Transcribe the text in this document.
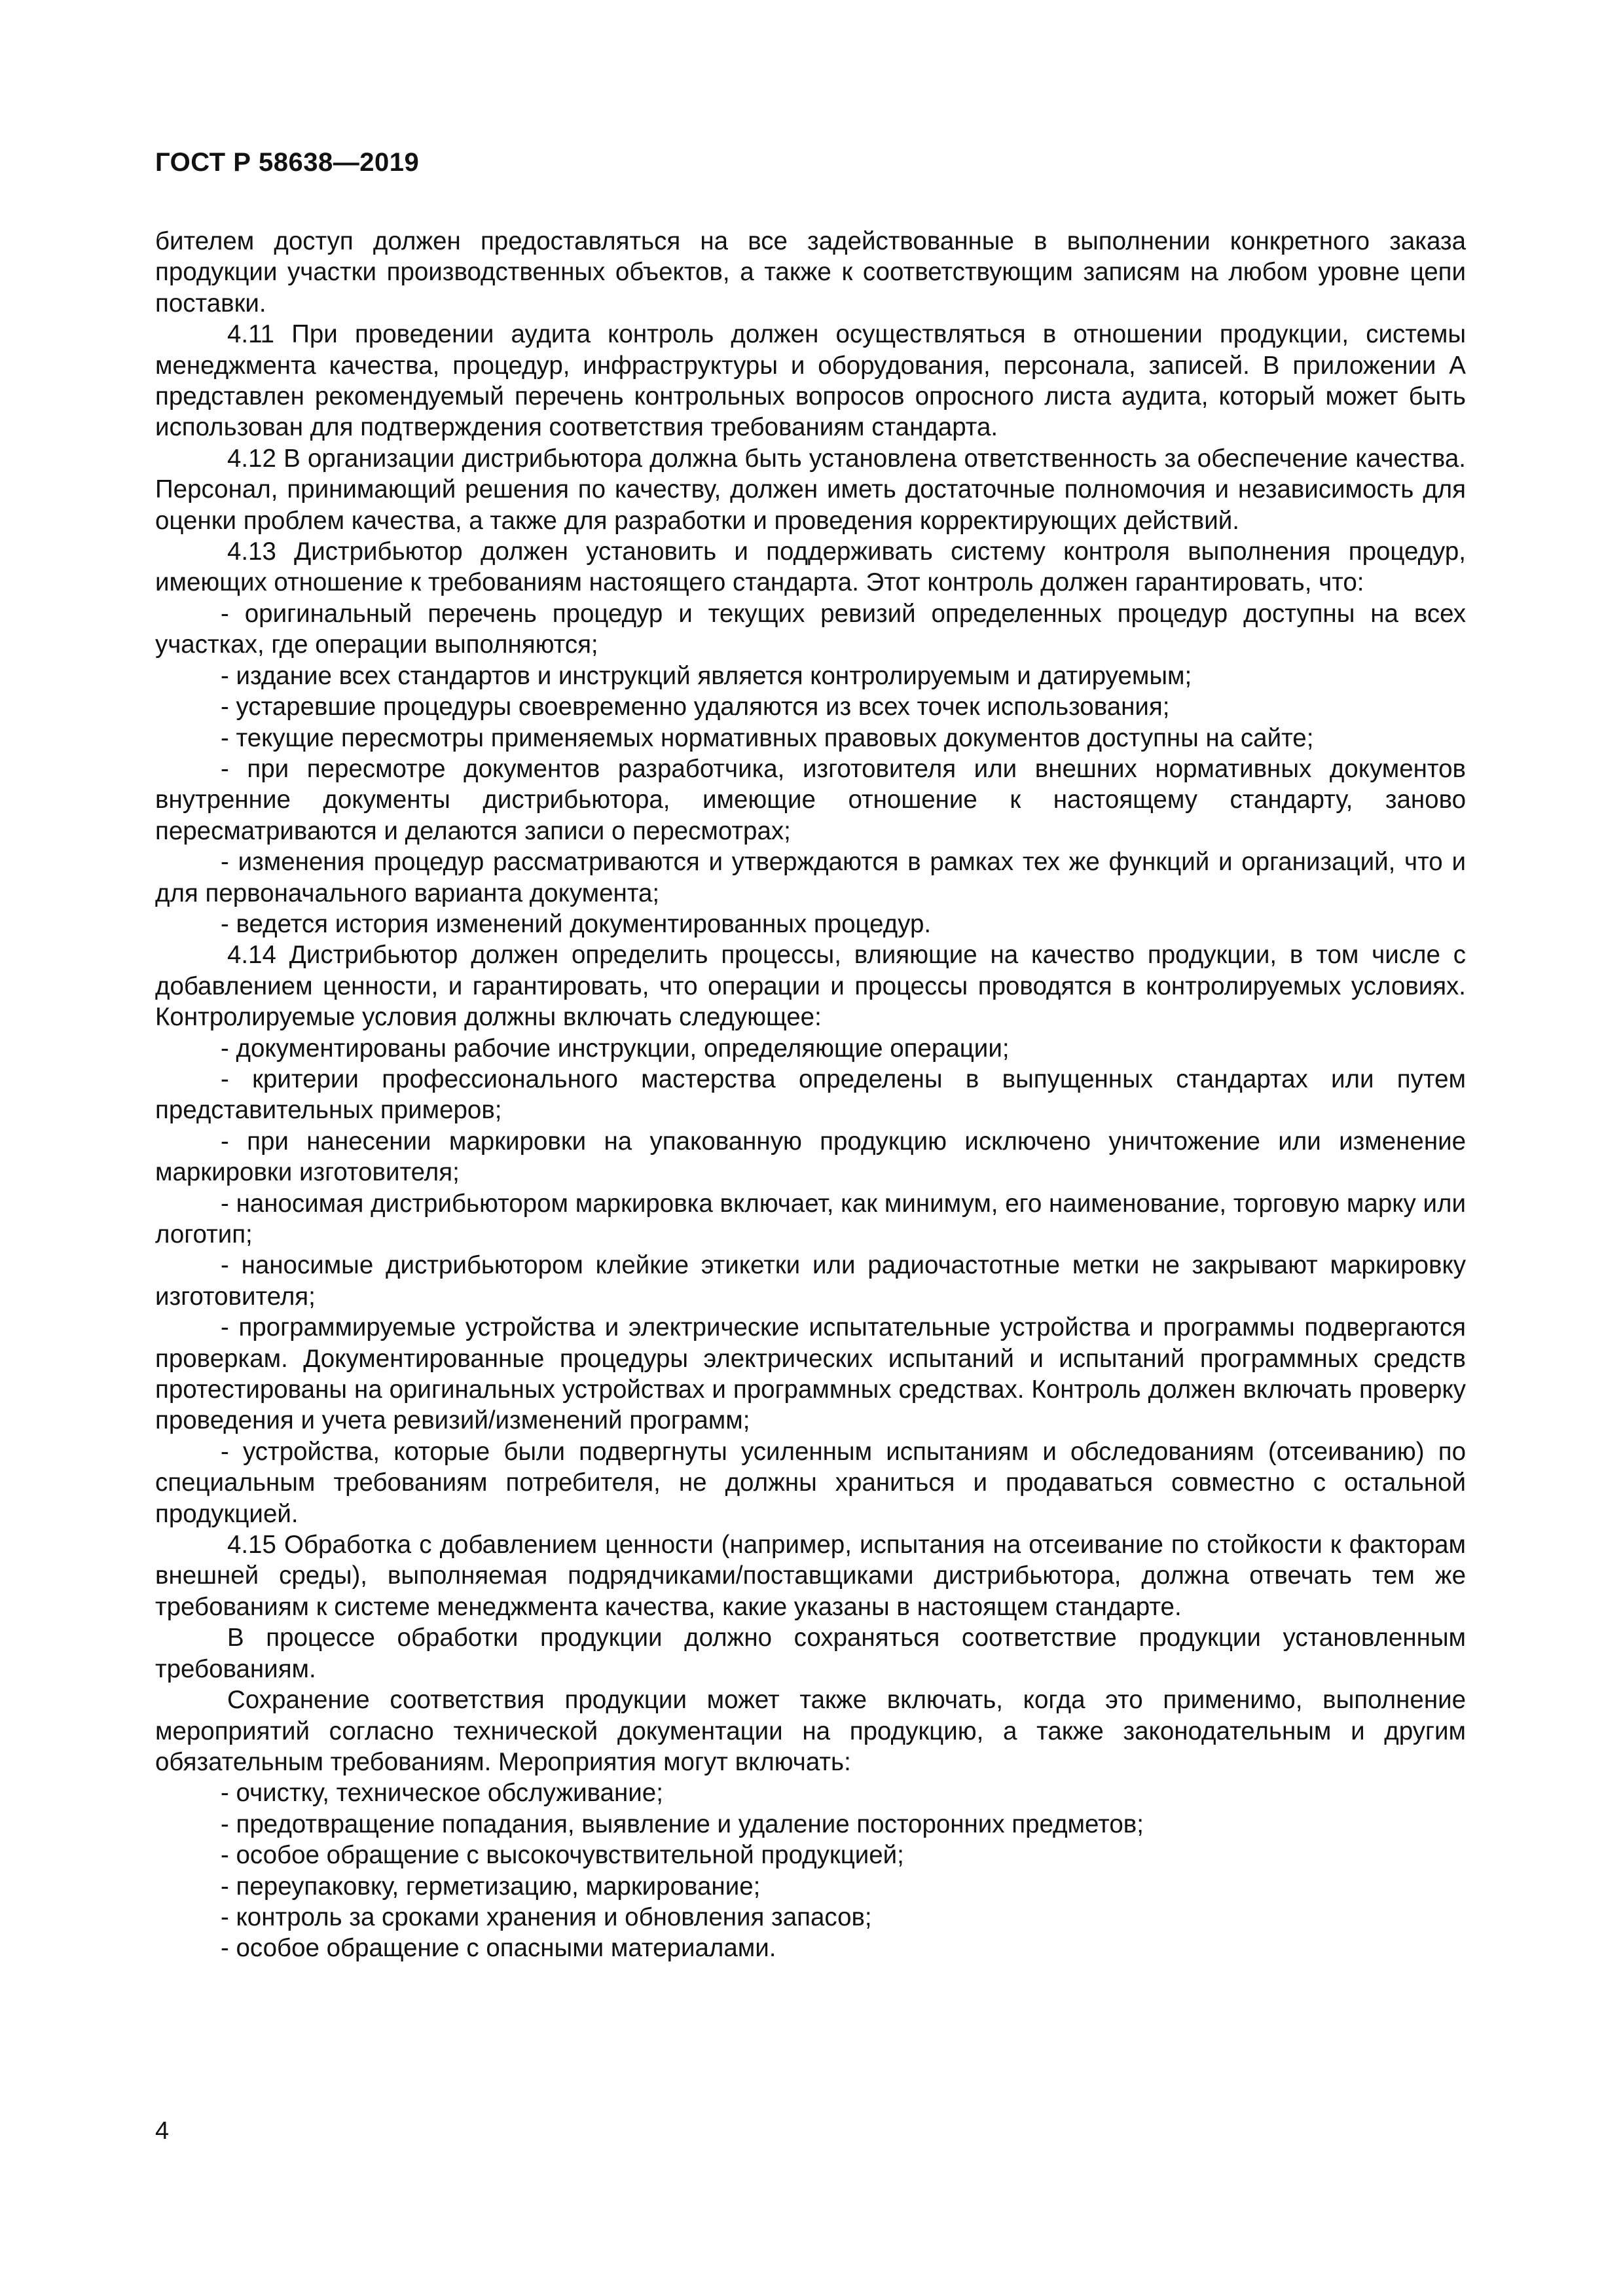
ГОСТ Р 58638—2019

бителем доступ должен предоставляться на все задействованные в выполнении конкретного заказа продукции участки производственных объектов, а также к соответствующим записям на любом уровне цепи поставки.

4.11 При проведении аудита контроль должен осуществляться в отношении продукции, системы менеджмента качества, процедур, инфраструктуры и оборудования, персонала, записей. В приложении А представлен рекомендуемый перечень контрольных вопросов опросного листа аудита, который может быть использован для подтверждения соответствия требованиям стандарта.

4.12 В организации дистрибьютора должна быть установлена ответственность за обеспечение качества. Персонал, принимающий решения по качеству, должен иметь достаточные полномочия и независимость для оценки проблем качества, а также для разработки и проведения корректирующих действий.

4.13 Дистрибьютор должен установить и поддерживать систему контроля выполнения процедур, имеющих отношение к требованиям настоящего стандарта. Этот контроль должен гарантировать, что:

- оригинальный перечень процедур и текущих ревизий определенных процедур доступны на всех участках, где операции выполняются;

- издание всех стандартов и инструкций является контролируемым и датируемым;

- устаревшие процедуры своевременно удаляются из всех точек использования;

- текущие пересмотры применяемых нормативных правовых документов доступны на сайте;

- при пересмотре документов разработчика, изготовителя или внешних нормативных документов внутренние документы дистрибьютора, имеющие отношение к настоящему стандарту, заново пересматриваются и делаются записи о пересмотрах;

- изменения процедур рассматриваются и утверждаются в рамках тех же функций и организаций, что и для первоначального варианта документа;

- ведется история изменений документированных процедур.

4.14 Дистрибьютор должен определить процессы, влияющие на качество продукции, в том числе с добавлением ценности, и гарантировать, что операции и процессы проводятся в контролируемых условиях. Контролируемые условия должны включать следующее:

- документированы рабочие инструкции, определяющие операции;

- критерии профессионального мастерства определены в выпущенных стандартах или путем представительных примеров;

- при нанесении маркировки на упакованную продукцию исключено уничтожение или изменение маркировки изготовителя;

- наносимая дистрибьютором маркировка включает, как минимум, его наименование, торговую марку или логотип;

- наносимые дистрибьютором клейкие этикетки или радиочастотные метки не закрывают маркировку изготовителя;

- программируемые устройства и электрические испытательные устройства и программы подвергаются проверкам. Документированные процедуры электрических испытаний и испытаний программных средств протестированы на оригинальных устройствах и программных средствах. Контроль должен включать проверку проведения и учета ревизий/изменений программ;

- устройства, которые были подвергнуты усиленным испытаниям и обследованиям (отсеиванию) по специальным требованиям потребителя, не должны храниться и продаваться совместно с остальной продукцией.

4.15 Обработка с добавлением ценности (например, испытания на отсеивание по стойкости к факторам внешней среды), выполняемая подрядчиками/поставщиками дистрибьютора, должна отвечать тем же требованиям к системе менеджмента качества, какие указаны в настоящем стандарте.

В процессе обработки продукции должно сохраняться соответствие продукции установленным требованиям.

Сохранение соответствия продукции может также включать, когда это применимо, выполнение мероприятий согласно технической документации на продукцию, а также законодательным и другим обязательным требованиям. Мероприятия могут включать:

- очистку, техническое обслуживание;

- предотвращение попадания, выявление и удаление посторонних предметов;

- особое обращение с высокочувствительной продукцией;

- переупаковку, герметизацию, маркирование;

- контроль за сроками хранения и обновления запасов;

- особое обращение с опасными материалами.

4
